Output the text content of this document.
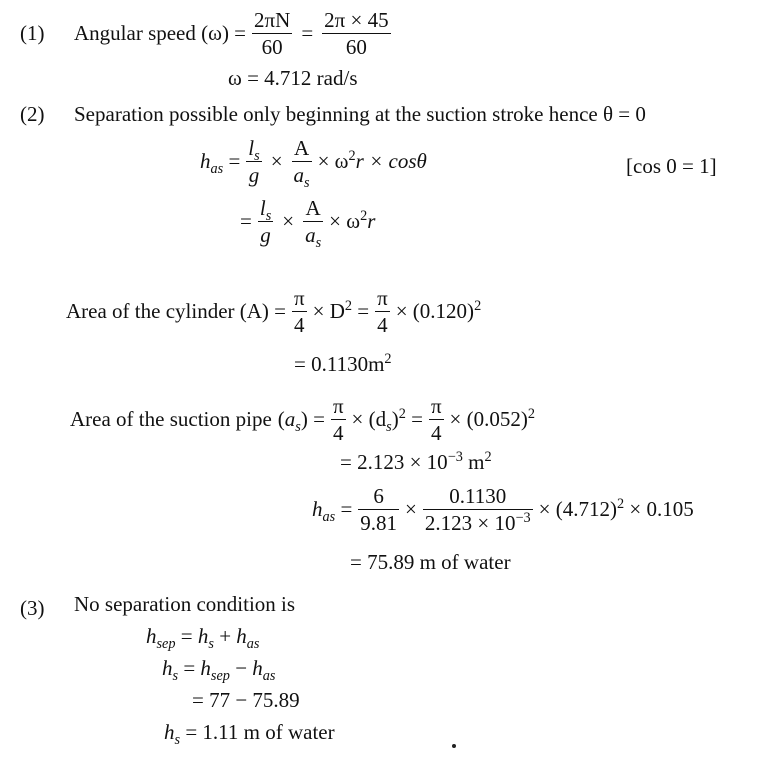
(1) Angular speed $(\omega) = \frac{2\pi N}{60} = \frac{2\pi \times 45}{60}$
ω = 4.712 rad/s
(2) Separation possible only beginning at the suction stroke hence θ = 0
$h_{as} = \frac{l_s}{g} \times \frac{A}{a_s} \times \omega^2r \times \cos\theta$	[cos 0 = 1]
= $\frac{l_s}{g} \times \frac{A}{a_s} \times \omega^2r$
Area of the cylinder $(A) = \frac{\pi}{4} \times D^2 = \frac{\pi}{4} \times (0.120)^2$
= $0.1130m^2$
Area of the suction pipe $(a_s) = \frac{\pi}{4} \times (d_s)^2 = \frac{\pi}{4} \times (0.052)^2$
= $2.123 \times 10^{-3}$ $m^2$
$h_{as} = \frac{6}{9.81} \times \frac{0.1130}{2.123 \times 10^{-3}} \times (4.712)^2 \times 0.105$
= 75.89 m of water
(3) No separation condition is
$h_{sep} = h_s + h_{as}$
$h_s = h_{sep} - h_{as}$
= 77 − 75.89
$h_s = 1.11$ m of water
